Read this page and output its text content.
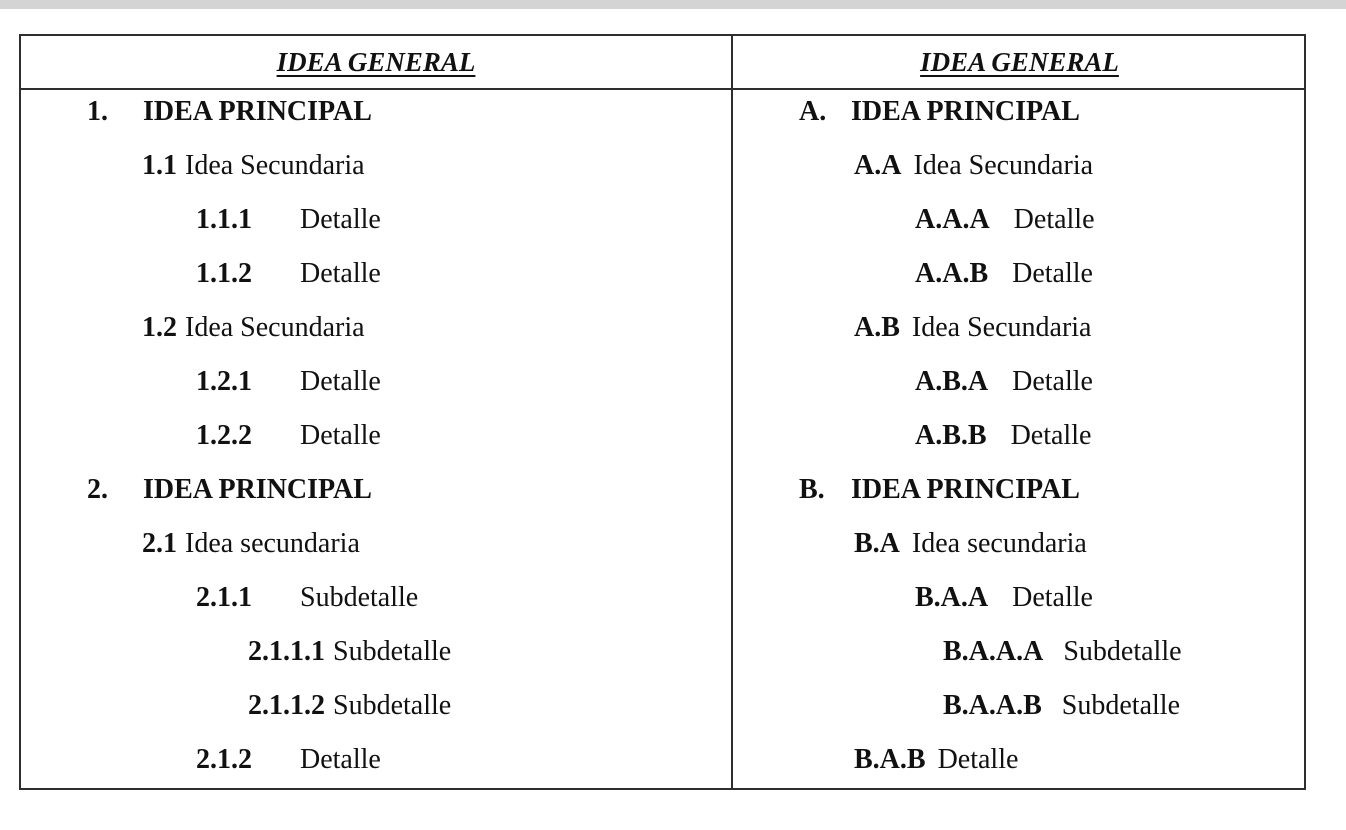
IDEA GENERAL	IDEA GENERAL
1. IDEA PRINCIPAL
1.1 Idea Secundaria
1.1.1 Detalle
1.1.2 Detalle
1.2 Idea Secundaria
1.2.1 Detalle
1.2.2 Detalle
2. IDEA PRINCIPAL
2.1 Idea secundaria
2.1.1 Subdetalle
2.1.1.1 Subdetalle
2.1.1.2 Subdetalle
2.1.2 Detalle
A. IDEA PRINCIPAL
A.A Idea Secundaria
A.A.A Detalle
A.A.B Detalle
A.B Idea Secundaria
A.B.A Detalle
A.B.B Detalle
B. IDEA PRINCIPAL
B.A Idea secundaria
B.A.A Detalle
B.A.A.A Subdetalle
B.A.A.B Subdetalle
B.A.B Detalle
